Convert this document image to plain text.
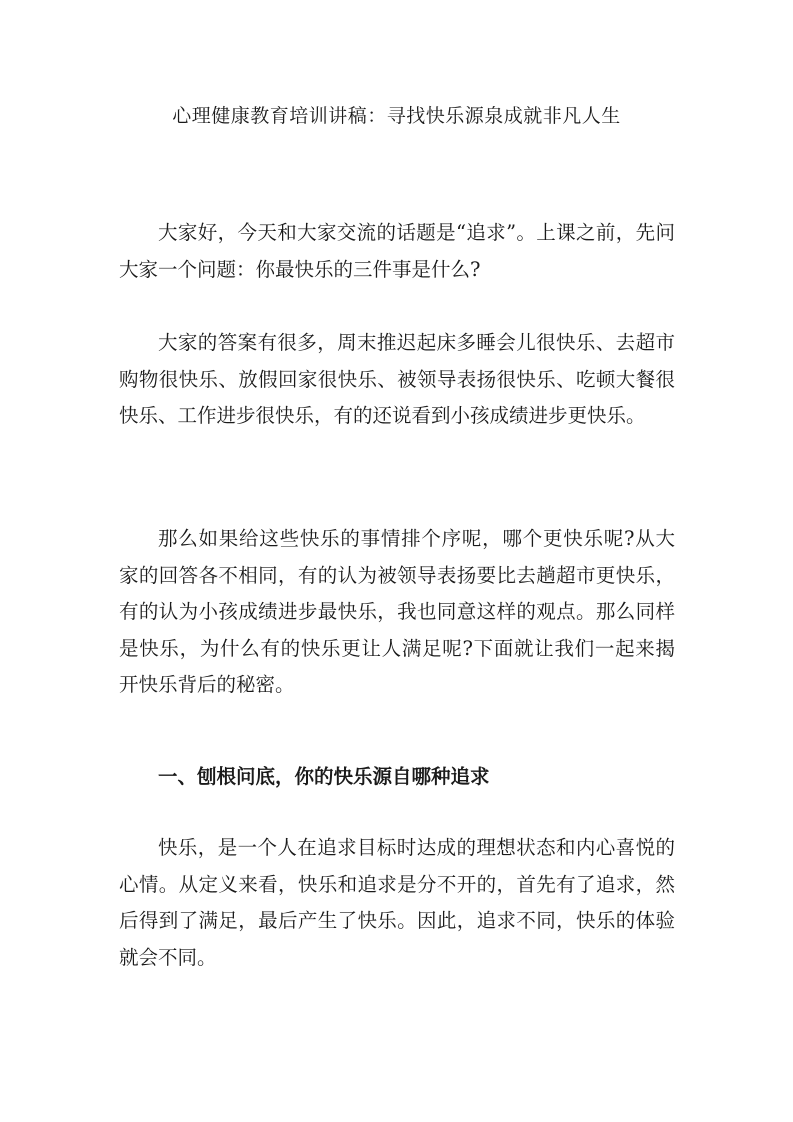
心理健康教育培训讲稿：寻找快乐源泉成就非凡人生

大家好，今天和大家交流的话题是“追求”。上课之前，先问大家一个问题：你最快乐的三件事是什么?

大家的答案有很多，周末推迟起床多睡会儿很快乐、去超市购物很快乐、放假回家很快乐、被领导表扬很快乐、吃顿大餐很快乐、工作进步很快乐，有的还说看到小孩成绩进步更快乐。

那么如果给这些快乐的事情排个序呢，哪个更快乐呢?从大家的回答各不相同，有的认为被领导表扬要比去趟超市更快乐，有的认为小孩成绩进步最快乐，我也同意这样的观点。那么同样是快乐，为什么有的快乐更让人满足呢?下面就让我们一起来揭开快乐背后的秘密。

一、刨根问底，你的快乐源自哪种追求

快乐，是一个人在追求目标时达成的理想状态和内心喜悦的心情。从定义来看，快乐和追求是分不开的，首先有了追求，然后得到了满足，最后产生了快乐。因此，追求不同，快乐的体验就会不同。
